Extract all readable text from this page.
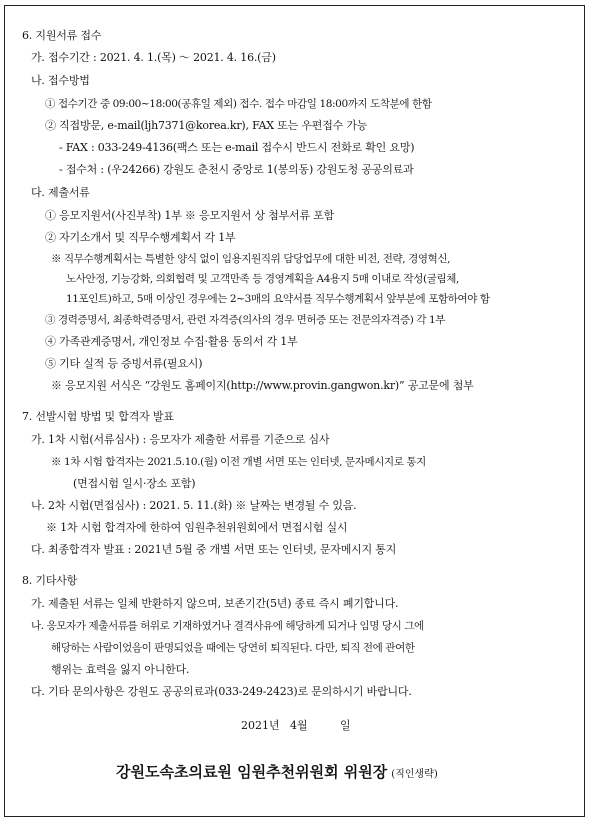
6. 지원서류 접수
가. 접수기간 : 2021. 4. 1.(목) ～ 2021. 4. 16.(금)
나. 접수방법
① 접수기간 중 09:00∼18:00(공휴일 제외) 접수. 접수 마감일 18:00까지 도착분에 한함
② 직접방문, e-mail(ljh7371@korea.kr), FAX 또는 우편접수 가능
- FAX : 033-249-4136(팩스 또는 e-mail 접수시 반드시 전화로 확인 요망)
- 접수처 : (우24266) 강원도 춘천시 중앙로 1(봉의동) 강원도청 공공의료과
다. 제출서류
① 응모지원서(사진부착) 1부 ※ 응모지원서 상 첨부서류 포함
② 자기소개서 및 직무수행계획서 각 1부
※ 직무수행계획서는 특별한 양식 없이 임용지원직위 담당업무에 대한 비전, 전략, 경영혁신,
노사안정, 기능강화, 의회협력 및 고객만족 등 경영계획을 A4용지 5매 이내로 작성(굴림체,
11포인트)하고, 5매 이상인 경우에는 2∼3매의 요약서를 직무수행계획서 앞부분에 포함하여야 함
③ 경력증명서, 최종학력증명서, 관련 자격증(의사의 경우 면허증 또는 전문의자격증) 각 1부
④ 가족관계증명서, 개인정보 수집·활용 동의서 각 1부
⑤ 기타 실적 등 증빙서류(필요시)
※ 응모지원 서식은 “강원도 홈페이지(http://www.provin.gangwon.kr)” 공고문에 첨부
7. 선발시험 방법 및 합격자 발표
가. 1차 시험(서류심사) : 응모자가 제출한 서류를 기준으로 심사
※ 1차 시험 합격자는 2021.5.10.(월) 이전 개별 서면 또는 인터넷, 문자메시지로 통지
(면접시험 일시·장소 포함)
나. 2차 시험(면접심사) : 2021. 5. 11.(화) ※ 날짜는 변경될 수 있음.
※ 1차 시험 합격자에 한하여 임원추천위원회에서 면접시험 실시
다. 최종합격자 발표 : 2021년 5월 중 개별 서면 또는 인터넷, 문자메시지 통지
8. 기타사항
가. 제출된 서류는 일체 반환하지 않으며, 보존기간(5년) 종료 즉시 폐기합니다.
나. 응모자가 제출서류를 허위로 기재하였거나 결격사유에 해당하게 되거나 임명 당시 그에
해당하는 사람이었음이 판명되었을 때에는 당연히 퇴직된다. 다만, 퇴직 전에 관여한
행위는 효력을 잃지 아니한다.
다. 기타 문의사항은 강원도 공공의료과(033-249-2423)로 문의하시기 바랍니다.
2021년 4월	일
강원도속초의료원 임원추천위원회 위원장 (직인생략)
